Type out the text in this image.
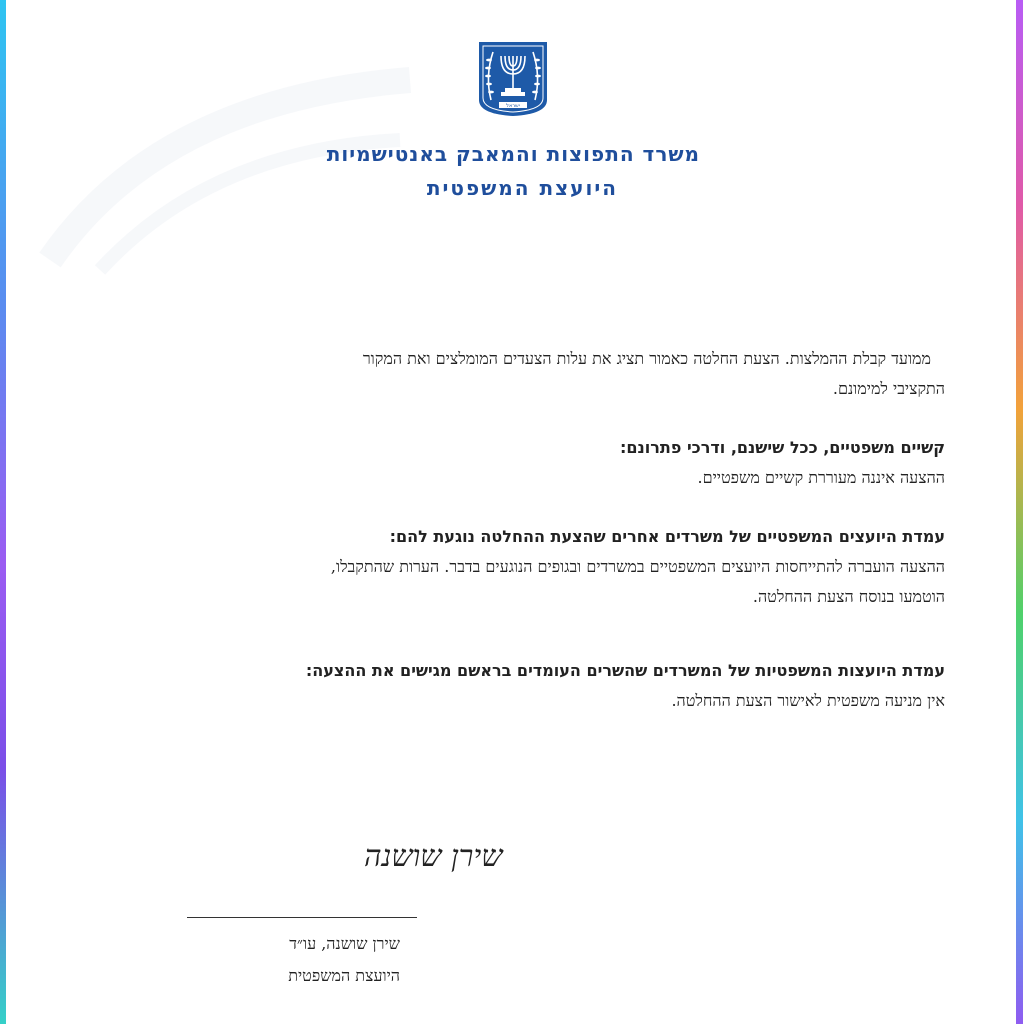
ישראל
משרד התפוצות והמאבק באנטישמיות
היועצת המשפטית
ממועד קבלת ההמלצות. הצעת החלטה כאמור תציג את עלות הצעדים המומלצים ואת המקור
התקציבי למימונם.
קשיים משפטיים, ככל שישנם, ודרכי פתרונם:
ההצעה איננה מעוררת קשיים משפטיים.
עמדת היועצים המשפטיים של משרדים אחרים שהצעת ההחלטה נוגעת להם:
ההצעה הועברה להתייחסות היועצים המשפטיים במשרדים ובגופים הנוגעים בדבר. הערות שהתקבלו,
הוטמעו בנוסח הצעת ההחלטה.
עמדת היועצות המשפטיות של המשרדים שהשרים העומדים בראשם מגישים את ההצעה:
אין מניעה משפטית לאישור הצעת ההחלטה.
שירן שושנה
שירן שושנה, עו״ד
היועצת המשפטית
